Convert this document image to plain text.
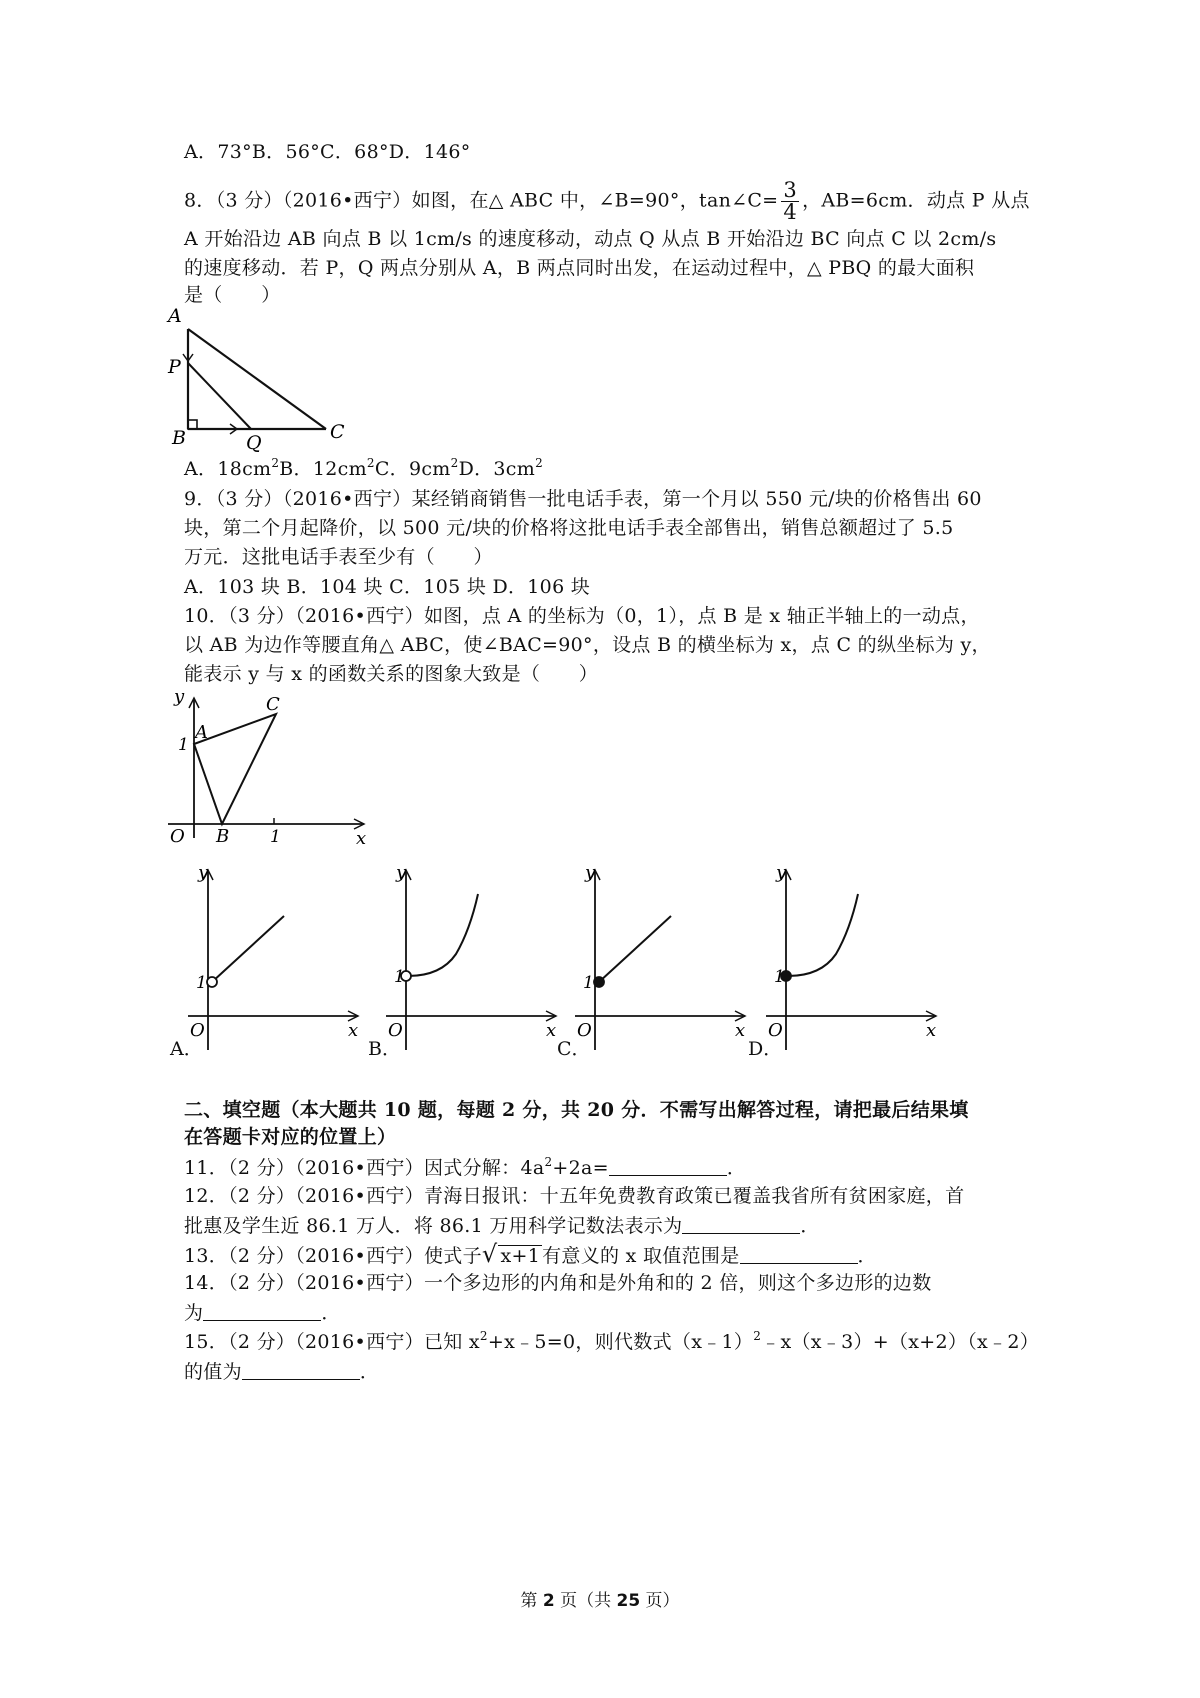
A．73°B．56°C．68°D．146°
8．（3 分）（2016•西宁）如图，在△ ABC 中，∠B=90°，tan∠C= $\frac{3}{4}$ ，AB=6cm．动点 P 从点
A 开始沿边 AB 向点 B 以 1cm/s 的速度移动，动点 Q 从点 B 开始沿边 BC 向点 C 以 2cm/s
的速度移动．若 P，Q 两点分别从 A，B 两点同时出发，在运动过程中，△ PBQ 的最大面积
是（　　）
A
P
B	Q	C
A．$18cm^2B$．$12cm^2C$．$9cm^2D$．$3cm^2$
9．（3 分）（2016•西宁）某经销商销售一批电话手表，第一个月以 550 元/块的价格售出 60
块，第二个月起降价，以 500 元/块的价格将这批电话手表全部售出，销售总额超过了 5.5
万元．这批电话手表至少有（　　）
A．103 块 B．104 块 C．105 块 D．106 块
10．（3 分）（2016•西宁）如图，点 A 的坐标为（0，1），点 B 是 x 轴正半轴上的一动点，
以 AB 为边作等腰直角△ ABC，使∠BAC=90°，设点 B 的横坐标为 x，点 C 的纵坐标为 y，
能表示 y 与 x 的函数关系的图象大致是（　　）
y
1
A
C
O B 1	x
y
1
O	x
A．
y
1
O	x
B．
y
1
O	x
C．
y
1
O	x
D．
二、填空题（本大题共 10 题，每题 2 分，共 20 分．不需写出解答过程，请把最后结果填
在答题卡对应的位置上）
11．（2 分）（2016•西宁）因式分解：$4a^2+2a=$	．
12．（2 分）（2016•西宁）青海日报讯：十五年免费教育政策已覆盖我省所有贫困家庭，首
批惠及学生近 86.1 万人．将 86.1 万用科学记数法表示为	．
13．（2 分）（2016•西宁）使式子√ x+1 有意义的 x 取值范围是	．
14．（2 分）（2016•西宁）一个多边形的内角和是外角和的 2 倍，则这个多边形的边数
为	．
15．（2 分）（2016•西宁）已知 $x^2+x﹣5=0$，则代数式（x﹣1）$^2$﹣x（x﹣3）+（x+2）（x﹣2）
的值为	．
第 2 页（共 25 页）
